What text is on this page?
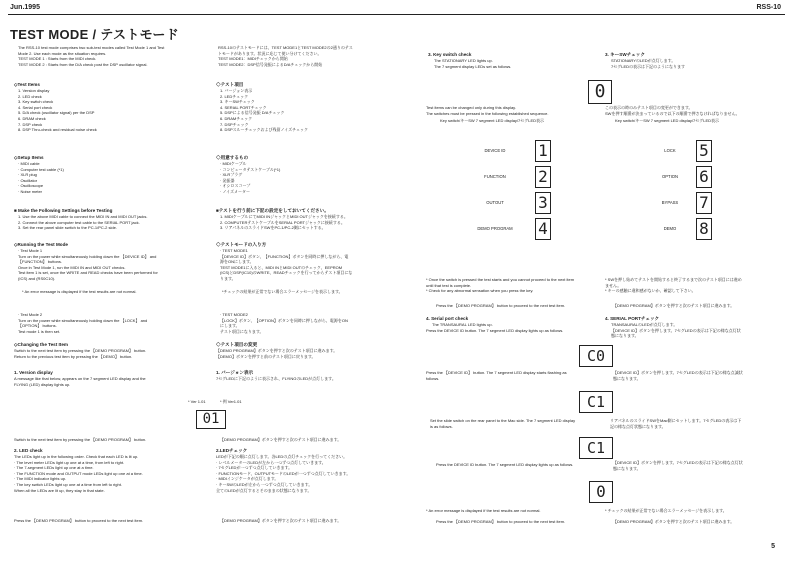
Jun.1995	RSS-10
TEST MODE / テストモード
The RSS-10 test mode comprises two sub-test modes called Test Mode 1 and Test
Mode 2. Use each mode as the situation requires.
TEST MODE 1 : Starts from the MIDI check.
TEST MODE 2 : Starts from the D/A check post the DSP oscillator signal.
◇Test Items
1. Version display
2. LED check
3. Key switch check
4. Serial port check
5. D/A check (oscillator signal) per the DSP
6. DRAM check
7. DSP check
8. DSP Thru-check and residual noise check
◇Setup Items
· MIDI cable
· Computer test cable (*1)
· XLR plug
· Oscillator
· Oscilloscope
· Noise meter
■ Make the Following Settings before Testing
1. Use the above MIDI cable to connect the MIDI IN and MIDI OUT jacks.
2. Connect the above computer test cable to the SERIAL PORT jack.
3. Set the rear panel slide switch to the PC-1/PC-2 side.
◇Running the Test Mode
· Test Mode 1
Turn on the power while simultaneously holding down the 【DEVICE ID】 and
【FUNCTION】 buttons.
Once in Test Mode 1, run the MIDI IN and MIDI OUT checks.
Test item 1 is set, once the WRITE and READ checks have been performed for
(ICS) and (RS0C10).
* An error message is displayed if the test results are not normal.
· Test Mode 2
Turn on the power while simultaneously holding down the 【LOCK】 and
【OPTION】 buttons.
Test mode 1 is then set.
◇Changing the Test Item
Switch to the next test item by pressing the 【DEMO PROGRAM】 button.
Return to the previous test item by pressing the 【DEMO】 button.
1. Version display
A message like that below, appears on the 7 segment LED display and the
FLYING (LED) display lights up.
* Ver 1.01
Switch to the next test item by pressing the 【DEMO PROGRAM】 button.
2. LED check
The LEDs light up in the following order. Check that each LED is lit up.
· The level meter LEDs light up one at a time, from left to right.
· The 7-segment LEDs light up one at a time.
· The FUNCTION mode and OUTPUT mode LEDs light up one at a time.
· The MIDI indicator lights up.
· The key switch LEDs light up one at a time from left to right.
When all the LEDs are lit up, they stay in that state.
Press the 【DEMO PROGRAM】 button to proceed to the next test item.
RSS-10のテストモードには、TEST MODE1とTEST MODE2の2通りのテス
トモードがあります。状況に応じて使い分けてください。
TEST MODE1：MIDIチェックから開始
TEST MODE2：DSP信号発振によるD/Aチェックから開始
◇テスト項目
1. バージョン表示
2. LEDチェック
3. キーSWチェック
4. SERIAL PORTチェック
5. DSPによる信号発振 D/Aチェック
6. DRAMチェック
7. DSPチェック
8. DSPスルーチェックおよび残留ノイズチェック
◇用意するもの
· MIDIケーブル
· コンピュータテストケーブル(*1)
· XLRプラグ
· 発振器
· オシロスコープ
· ノイズメーター
■テストを行う前に下記の設定をしておいてください。
1. MIDIケーブルにてMIDI INジャックとMIDI OUTジャックを接続する。
2. COMPUTERテストケーブルをSERIAL PORTジャックに接続する。
3. リアパネルのスライドSWをPC-1/PC-2側にセットする。
◇テストモードの入り方
· TEST MODE1
【DEVICE ID】ボタン、【FUNCTION】ボタンを同時に押しながら、電
源をONにします。
TEST MODE1に入ると、MIDI INとMIDI OUTのチェック、EEPROM
(ICS)とDSP(IC10)のWRITE、READチェックを行ってからテスト項目にな
ります。
*チェックの結果が正常でない場合エラーメッセージを表示します。
· TEST MODE2
【LOCK】ボタン、【OPTION】ボタンを同時に押しながら、電源をON
にします。
テスト項目になります。
◇テスト項目の変更
【DEMO PROGRAM】ボタンを押すと次のテスト項目に進みます。
【DEMO】ボタンを押すと前のテスト項目に戻ります。
1. バージョン表示
7セグLEDに下記のように表示され、FLYINGのLEDが点灯します。
* 例 Ver1.01
01
【DEMO PROGRAM】ボタンを押すと次のテスト項目に進みます。
2.LEDチェック
LEDが下記の順に点灯します。各LEDの点灯チェックを行ってください。
· レベルメーターのLEDが左から一つずつ点灯していきます。
· 7セグLEDが一つずつ点灯していきます。
· FUNCTIONモード、OUTPUTモードのLEDが一つずつ点灯していきます。
· MIDIインジケータが点灯します。
· キーSWのLEDが左から一つずつ点灯していきます。
全てのLEDが点灯するとそのままの状態になります。
【DEMO PROGRAM】ボタンを押すと次のテスト項目に進みます。
3. Key switch check
The STATIONARY LED lights up.
The 7 segment display LEDs set as follows.
3. キーSWチェック
STATIONARYのLEDが点灯します。
7セグLEDの表示は下記のようになります
0
Test items can be changed only during this display.
The switches must be pressed in the following established sequence.
この表示の時のみテスト項目の変更ができます。
SWを押す順番が決まっているので以下の順番で押さなければなりません。
Key switch/キーSW 7 segment LED display/7セグLED表示	Key switch/キーSW 7 segment LED display/7セグLED表示
* Once the switch is pressed the test starts and you cannot proceed to the next item
until that test is complete.
* Check for any abnormal sensation when you press the key.
* SWを押し始めてテストを開始すると終了するまで次のテスト項目には進め
ません。
* キーの感触に違和感がないか、確認して下さい。
Press the 【DEMO PROGRAM】 button to proceed to the next test item.	【DEMO PROGRAM】ボタンを押すと次のテスト項目に進みます。
4. Serial port check
The TRANSAURAL LED lights up.
Press the DEVICE ID button. The 7 segment LED display lights up as follows.
4. SERIAL PORTチェック
TRANSAURALのLEDが点灯します。
【DEVICE ID】ボタンを押します。7セグLEDの表示は下記の様な点灯状
態になります。
C0
Press the 【DEVICE ID】 button. The 7 segment LED display starts flashing as
follows.
【DEVICE ID】ボタンを押します。7セグLEDの表示は下記の様な点滅状
態になります。
C1
Set the slide switch on the rear panel to the Mac side. The 7 segment LED display
is as follows.
リアパネルのスライドSWをMac側にセットします。7セグLEDの表示は下
記の様な点灯状態になります。
C1
Press the DEVICE ID button. The 7 segment LED display lights up as follows.	【DEVICE ID】ボタンを押します。7セグLEDの表示は下記の様な点灯状
態になります。
0
* An error message is displayed if the test results are not normal.	* チェックの結果が正常でない場合エラーメッセージを表示します。
Press the 【DEMO PROGRAM】 button to proceed to the next test item.	【DEMO PROGRAM】ボタンを押すと次のテスト項目に進みます。
5
DEVICE ID	1
FUNCTION	2
OUTOUT	3
DEMO PROGRAM	4
LOCK	5
OPTION	6
BYPASS	7
DEMO	8
